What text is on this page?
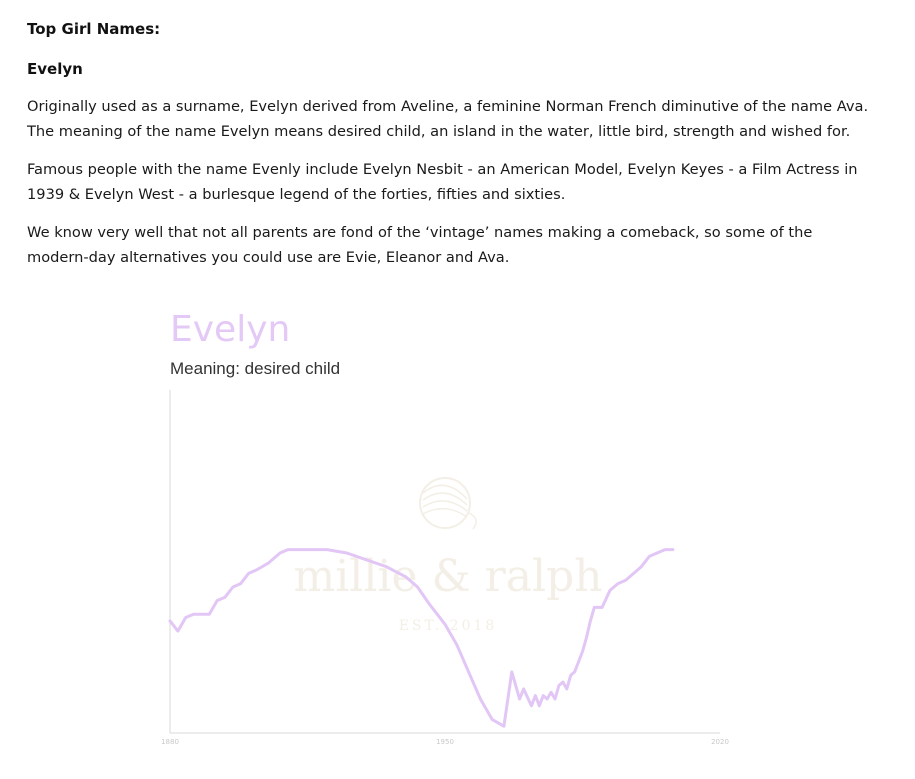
Top Girl Names:
Evelyn

Originally used as a surname, Evelyn derived from Aveline, a feminine Norman French diminutive of the name Ava. The meaning of the name Evelyn means desired child, an island in the water, little bird, strength and wished for.

Famous people with the name Evenly include Evelyn Nesbit - an American Model, Evelyn Keyes - a Film Actress in 1939 & Evelyn West - a burlesque legend of the forties, fifties and sixties.

We know very well that not all parents are fond of the ‘vintage’ names making a comeback, so some of the modern-day alternatives you could use are Evie, Eleanor and Ava.

Evelyn
Meaning: desired child
millie & ralph
EST. 2018
1880	1950	2020
